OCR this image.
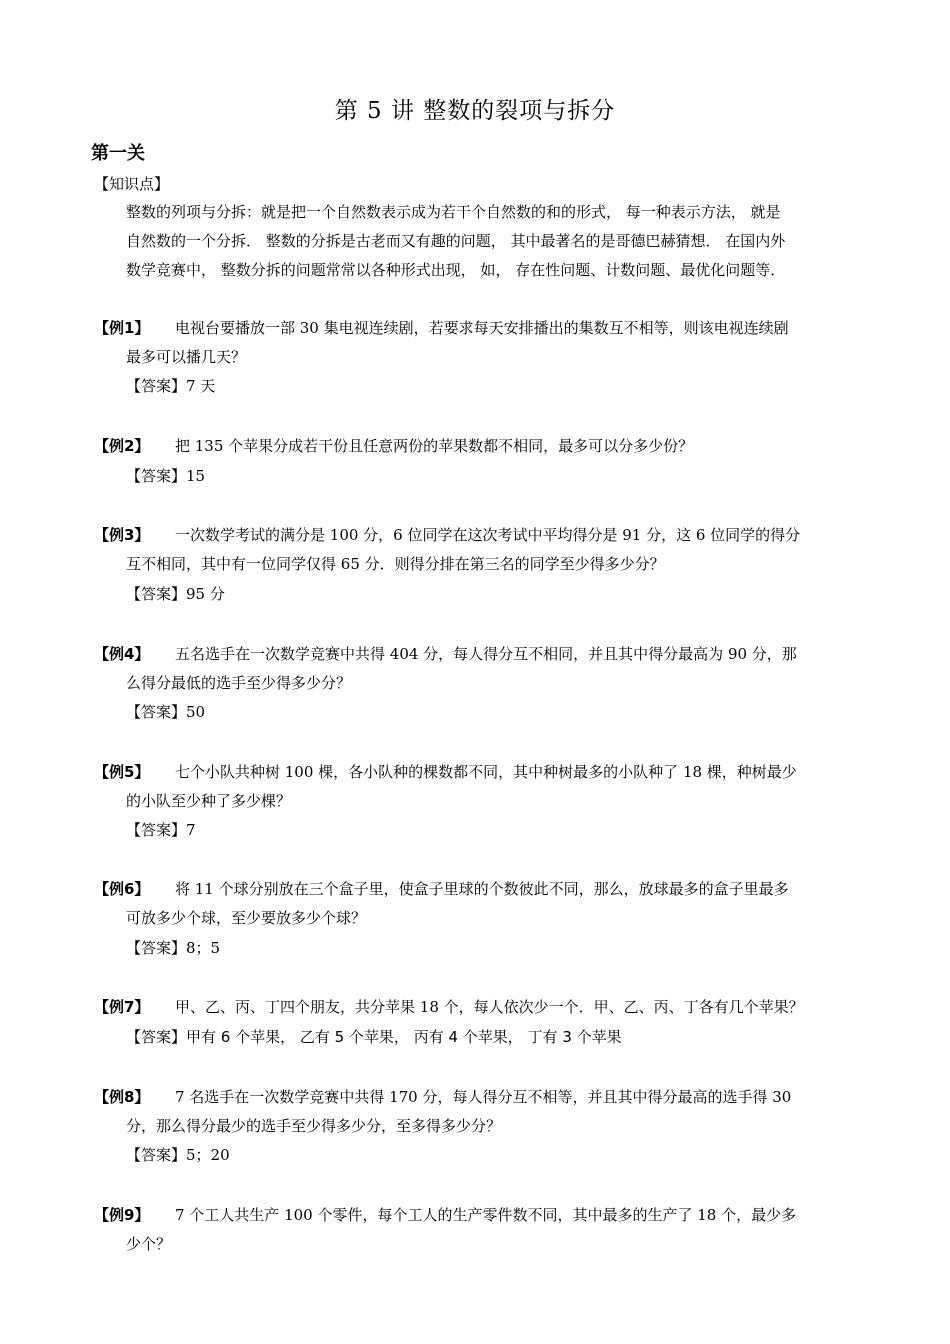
第 5 讲 整数的裂项与拆分
第一关
【知识点】
整数的列项与分拆：就是把一个自然数表示成为若干个自然数的和的形式， 每一种表示方法， 就是
自然数的一个分拆． 整数的分拆是古老而又有趣的问题， 其中最著名的是哥德巴赫猜想． 在国内外
数学竞赛中， 整数分拆的问题常常以各种形式出现， 如， 存在性问题、计数问题、最优化问题等．
【例1】 电视台要播放一部 30 集电视连续剧，若要求每天安排播出的集数互不相等，则该电视连续剧
最多可以播几天？
【答案】7 天
【例2】 把 135 个苹果分成若干份且任意两份的苹果数都不相同，最多可以分多少份？
【答案】15
【例3】 一次数学考试的满分是 100 分，6 位同学在这次考试中平均得分是 91 分，这 6 位同学的得分
互不相同，其中有一位同学仅得 65 分．则得分排在第三名的同学至少得多少分？
【答案】95 分
【例4】 五名选手在一次数学竞赛中共得 404 分，每人得分互不相同，并且其中得分最高为 90 分，那
么得分最低的选手至少得多少分？
【答案】50
【例5】 七个小队共种树 100 棵，各小队种的棵数都不同，其中种树最多的小队种了 18 棵，种树最少
的小队至少种了多少棵？
【答案】7
【例6】 将 11 个球分别放在三个盒子里，使盒子里球的个数彼此不同，那么，放球最多的盒子里最多
可放多少个球，至少要放多少个球？
【答案】8；5
【例7】 甲、乙、丙、丁四个朋友，共分苹果 18 个，每人依次少一个．甲、乙、丙、丁各有几个苹果？
【答案】甲有 6 个苹果， 乙有 5 个苹果， 丙有 4 个苹果， 丁有 3 个苹果
【例8】 7 名选手在一次数学竞赛中共得 170 分，每人得分互不相等，并且其中得分最高的选手得 30
分，那么得分最少的选手至少得多少分，至多得多少分？
【答案】5；20
【例9】 7 个工人共生产 100 个零件，每个工人的生产零件数不同，其中最多的生产了 18 个，最少多
少个？
